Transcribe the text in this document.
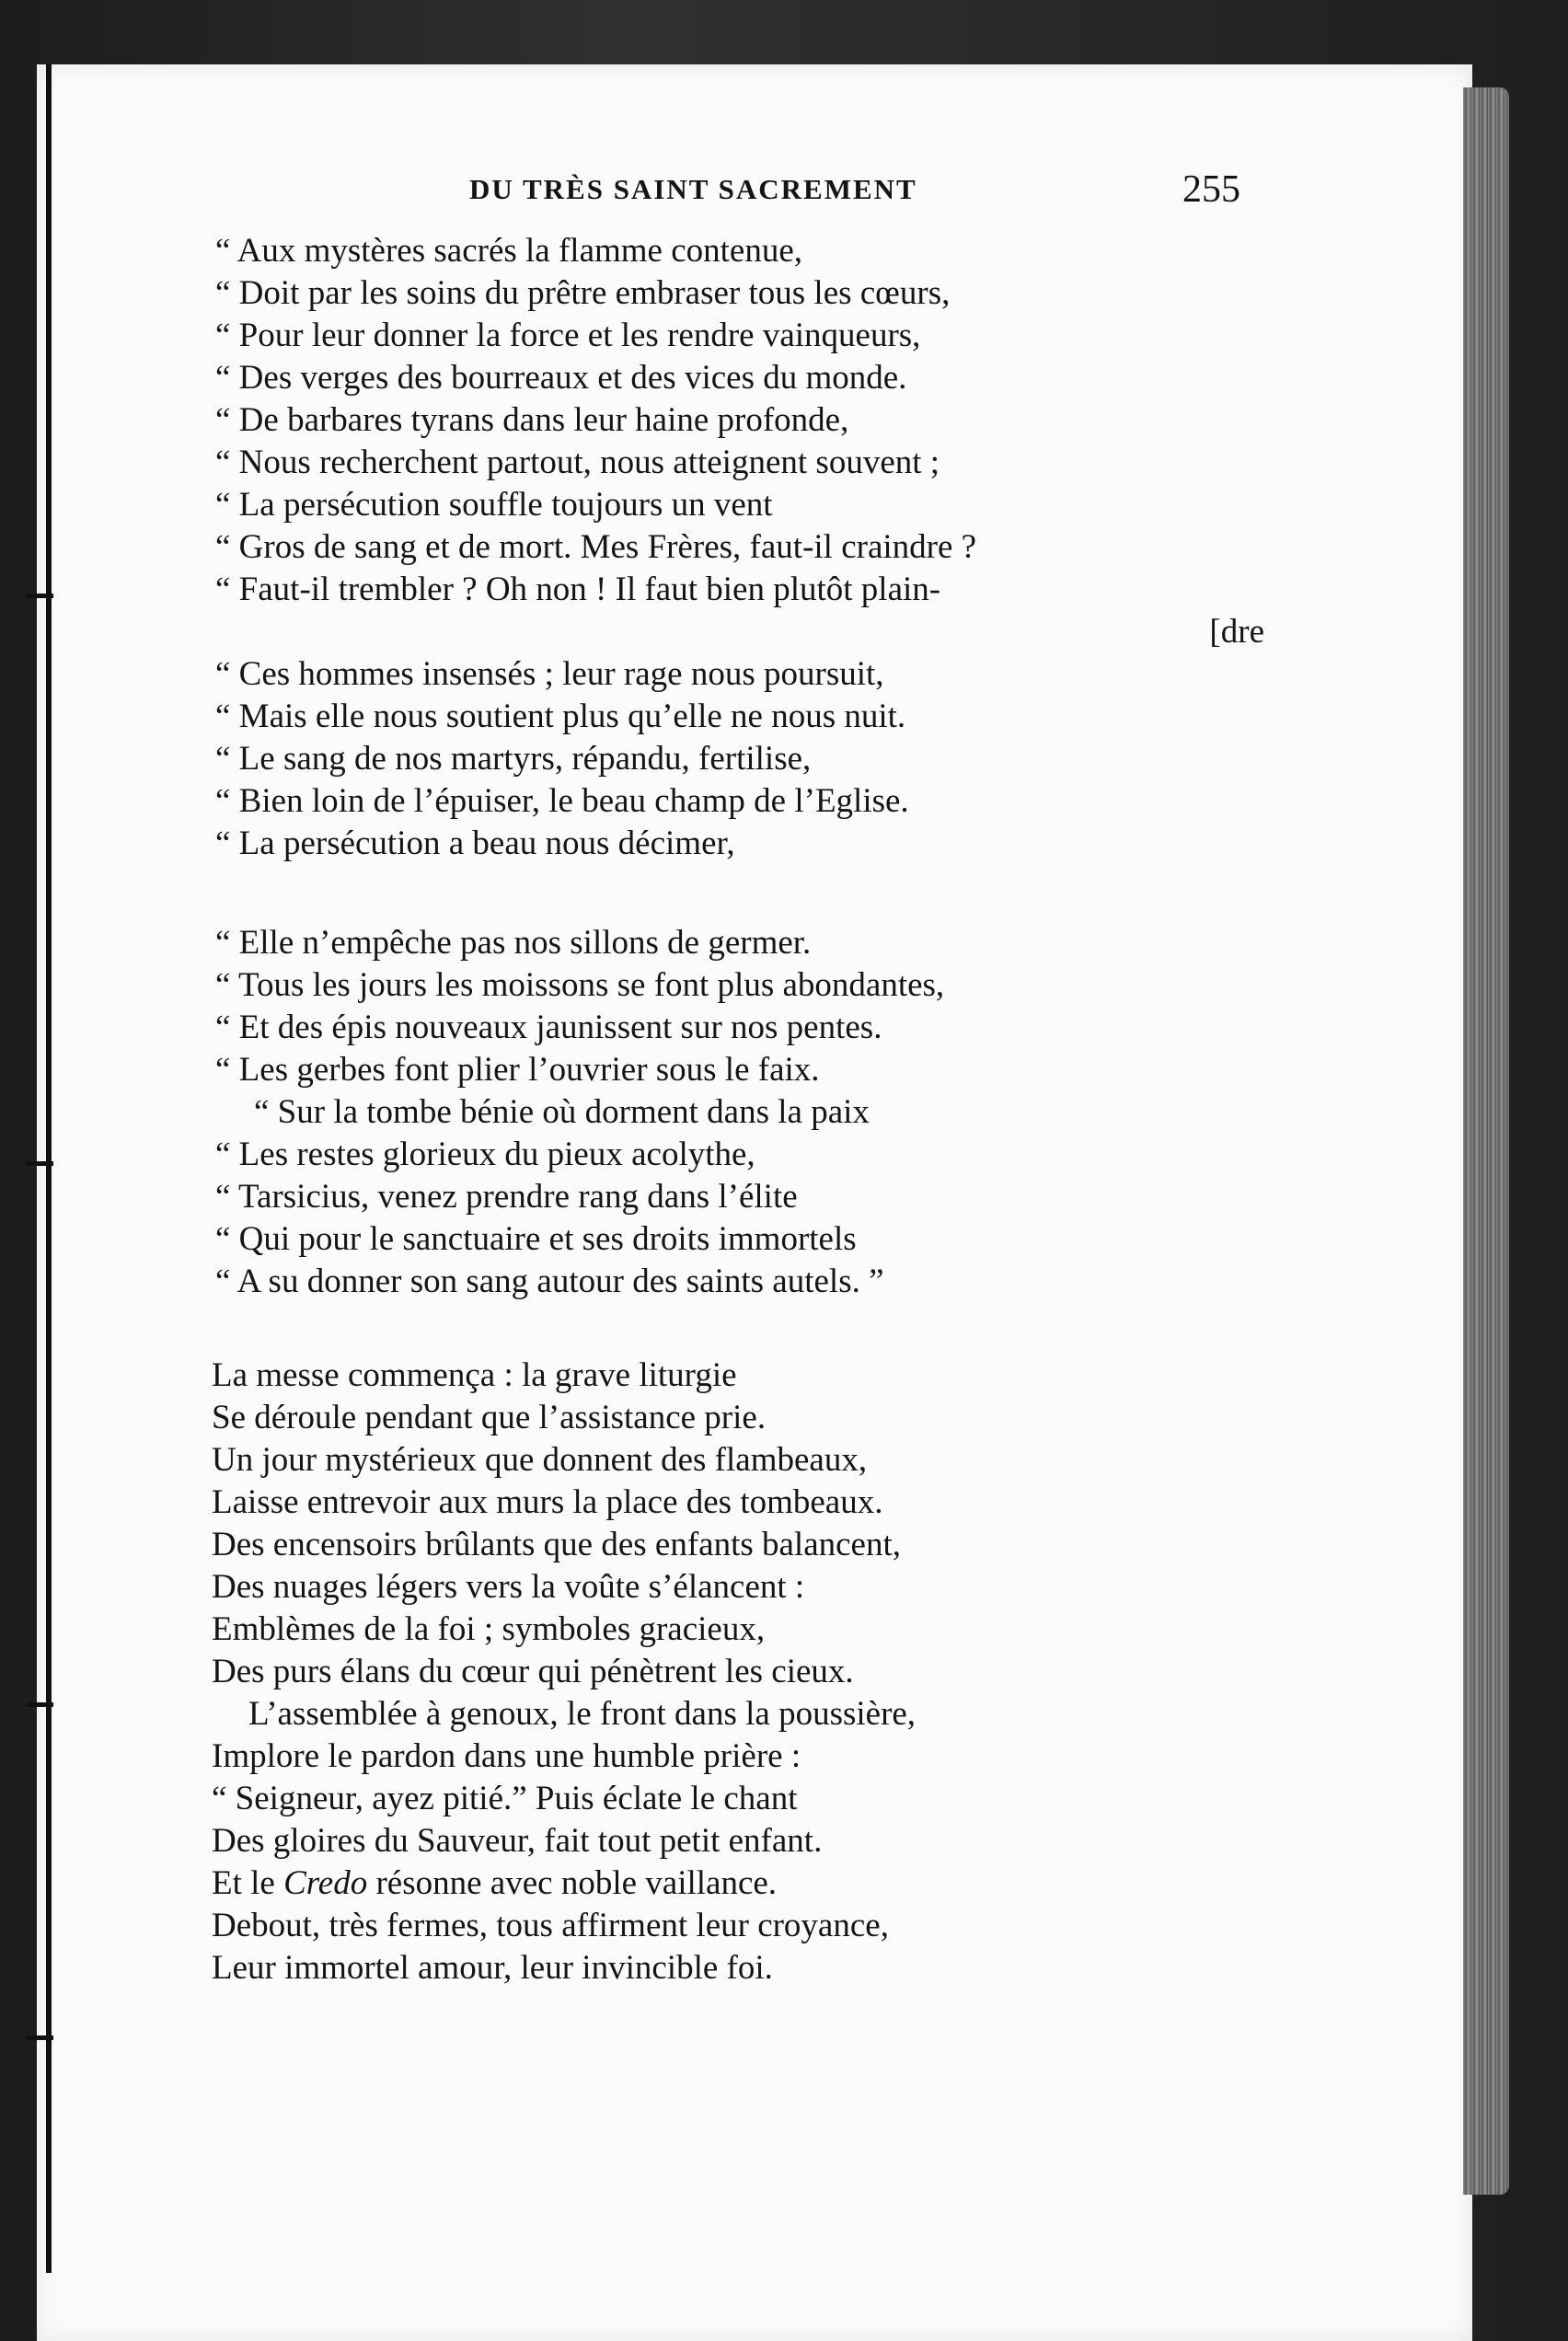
DU TRÈS SAINT SACREMENT	255
“ Aux mystères sacrés la flamme contenue,
“ Doit par les soins du prêtre embraser tous les cœurs,
“ Pour leur donner la force et les rendre vainqueurs,
“ Des verges des bourreaux et des vices du monde.
“ De barbares tyrans dans leur haine profonde,
“ Nous recherchent partout, nous atteignent souvent ;
“ La persécution souffle toujours un vent
“ Gros de sang et de mort. Mes Frères, faut-il craindre ?
“ Faut-il trembler ? Oh non ! Il faut bien plutôt plain-
[dre
“ Ces hommes insensés ; leur rage nous poursuit,
“ Mais elle nous soutient plus qu’elle ne nous nuit.
“ Le sang de nos martyrs, répandu, fertilise,
“ Bien loin de l’épuiser, le beau champ de l’Eglise.
“ La persécution a beau nous décimer,
“ Elle n’empêche pas nos sillons de germer.
“ Tous les jours les moissons se font plus abondantes,
“ Et des épis nouveaux jaunissent sur nos pentes.
“ Les gerbes font plier l’ouvrier sous le faix.
“ Sur la tombe bénie où dorment dans la paix
“ Les restes glorieux du pieux acolythe,
“ Tarsicius, venez prendre rang dans l’élite
“ Qui pour le sanctuaire et ses droits immortels
“ A su donner son sang autour des saints autels. ”
La messe commença : la grave liturgie
Se déroule pendant que l’assistance prie.
Un jour mystérieux que donnent des flambeaux,
Laisse entrevoir aux murs la place des tombeaux.
Des encensoirs brûlants que des enfants balancent,
Des nuages légers vers la voûte s’élancent :
Emblèmes de la foi ; symboles gracieux,
Des purs élans du cœur qui pénètrent les cieux.
L’assemblée à genoux, le front dans la poussière,
Implore le pardon dans une humble prière :
“ Seigneur, ayez pitié.” Puis éclate le chant
Des gloires du Sauveur, fait tout petit enfant.
Et le Credo résonne avec noble vaillance.
Debout, très fermes, tous affirment leur croyance,
Leur immortel amour, leur invincible foi.
